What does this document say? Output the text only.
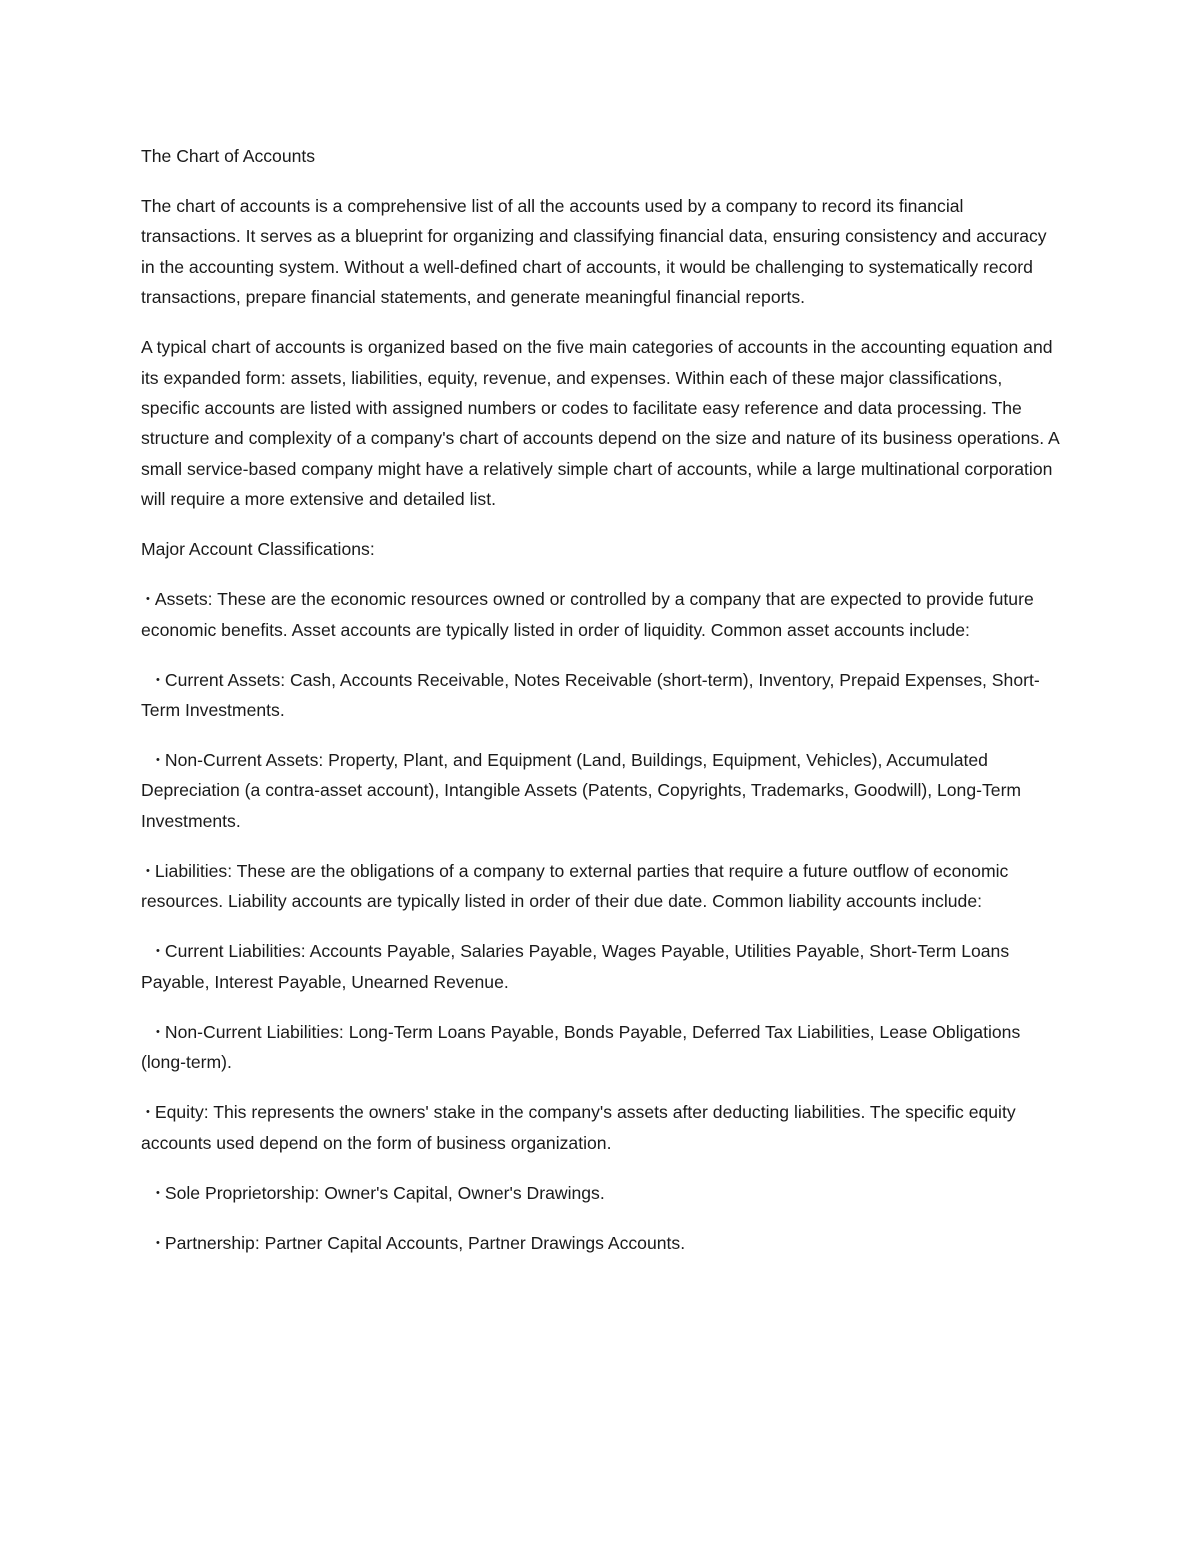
The Chart of Accounts

The chart of accounts is a comprehensive list of all the accounts used by a company to record its financial transactions. It serves as a blueprint for organizing and classifying financial data, ensuring consistency and accuracy in the accounting system. Without a well-defined chart of accounts, it would be challenging to systematically record transactions, prepare financial statements, and generate meaningful financial reports.

A typical chart of accounts is organized based on the five main categories of accounts in the accounting equation and its expanded form: assets, liabilities, equity, revenue, and expenses. Within each of these major classifications, specific accounts are listed with assigned numbers or codes to facilitate easy reference and data processing. The structure and complexity of a company's chart of accounts depend on the size and nature of its business operations. A small service-based company might have a relatively simple chart of accounts, while a large multinational corporation will require a more extensive and detailed list.

Major Account Classifications:

• Assets: These are the economic resources owned or controlled by a company that are expected to provide future economic benefits. Asset accounts are typically listed in order of liquidity. Common asset accounts include:

• Current Assets: Cash, Accounts Receivable, Notes Receivable (short-term), Inventory, Prepaid Expenses, Short-Term Investments.

• Non-Current Assets: Property, Plant, and Equipment (Land, Buildings, Equipment, Vehicles), Accumulated Depreciation (a contra-asset account), Intangible Assets (Patents, Copyrights, Trademarks, Goodwill), Long-Term Investments.

• Liabilities: These are the obligations of a company to external parties that require a future outflow of economic resources. Liability accounts are typically listed in order of their due date. Common liability accounts include:

• Current Liabilities: Accounts Payable, Salaries Payable, Wages Payable, Utilities Payable, Short-Term Loans Payable, Interest Payable, Unearned Revenue.

• Non-Current Liabilities: Long-Term Loans Payable, Bonds Payable, Deferred Tax Liabilities, Lease Obligations (long-term).

• Equity: This represents the owners' stake in the company's assets after deducting liabilities. The specific equity accounts used depend on the form of business organization.

• Sole Proprietorship: Owner's Capital, Owner's Drawings.

• Partnership: Partner Capital Accounts, Partner Drawings Accounts.
